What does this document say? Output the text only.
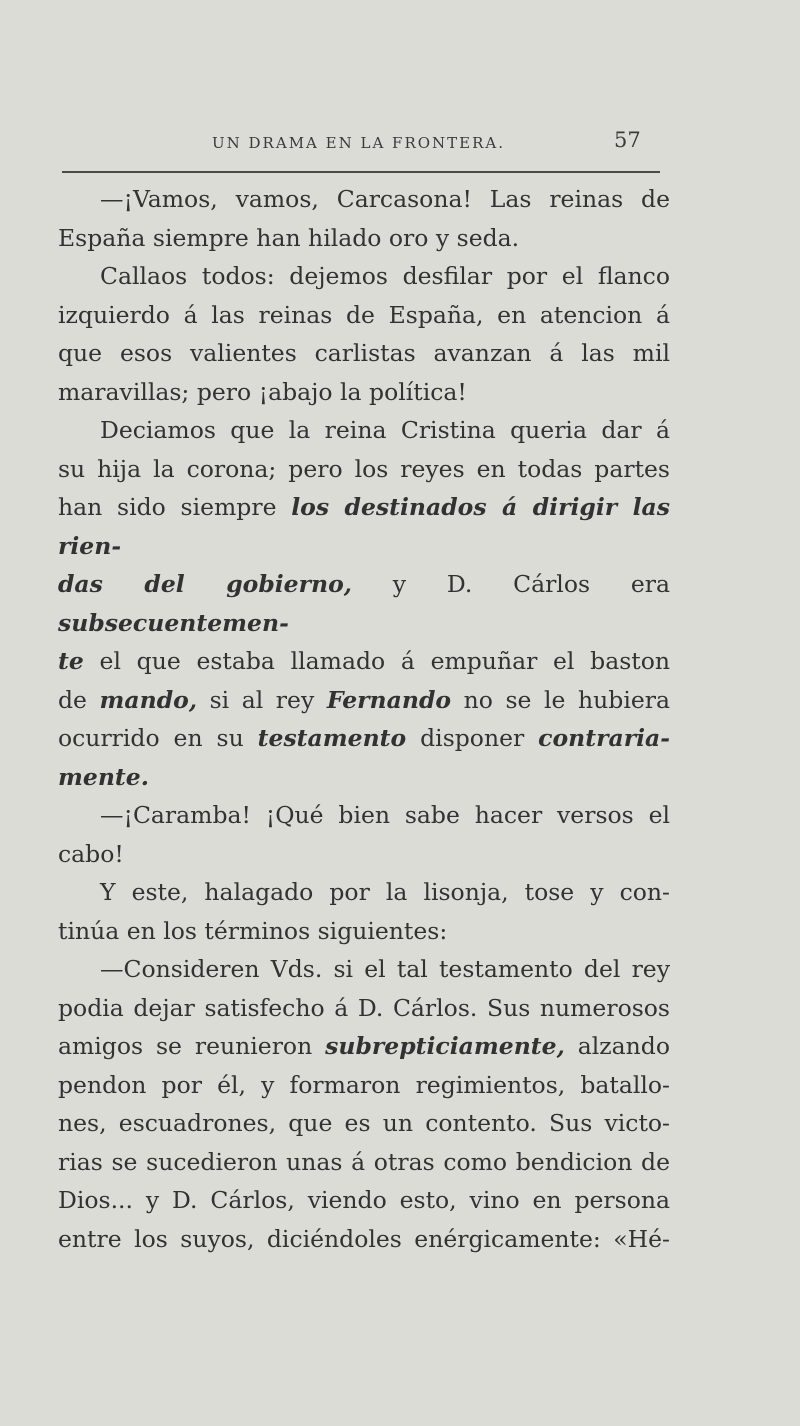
UN DRAMA EN LA FRONTERA.	57

—¡Vamos, vamos, Carcasona! Las reinas de

España siempre han hilado oro y seda.

Callaos todos: dejemos desfilar por el flanco

izquierdo á las reinas de España, en atencion á

que esos valientes carlistas avanzan á las mil

maravillas; pero ¡abajo la política!

Deciamos que la reina Cristina queria dar á

su hija la corona; pero los reyes en todas partes

han sido siempre los destinados á dirigir las rien-

das del gobierno, y D. Cárlos era subsecuentemen-

te el que estaba llamado á empuñar el baston

de mando, si al rey Fernando no se le hubiera

ocurrido en su testamento disponer contraria-

mente.

—¡Caramba! ¡Qué bien sabe hacer versos el

cabo!

Y este, halagado por la lisonja, tose y con-

tinúa en los términos siguientes:

—Consideren Vds. si el tal testamento del rey

podia dejar satisfecho á D. Cárlos. Sus numerosos

amigos se reunieron subrepticiamente, alzando

pendon por él, y formaron regimientos, batallo-

nes, escuadrones, que es un contento. Sus victo-

rias se sucedieron unas á otras como bendicion de

Dios... y D. Cárlos, viendo esto, vino en persona

entre los suyos, diciéndoles enérgicamente: «Hé-
